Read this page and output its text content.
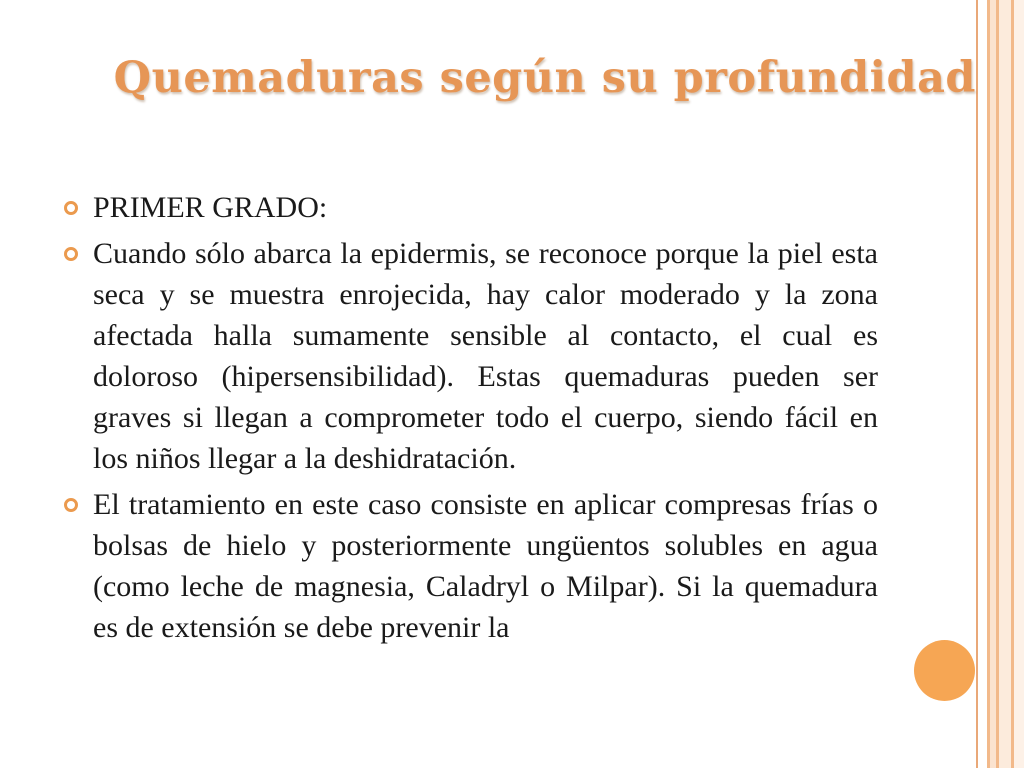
Quemaduras según su profundidad
PRIMER GRADO:
Cuando sólo abarca la epidermis, se reconoce porque la piel esta seca y se muestra enrojecida, hay calor moderado y la zona afectada halla sumamente sensible al contacto, el cual es doloroso (hipersensibilidad). Estas quemaduras pueden ser graves si llegan a comprometer todo el cuerpo, siendo fácil en los niños llegar a la deshidratación.
El tratamiento en este caso consiste en aplicar compresas frías o bolsas de hielo y posteriormente ungüentos solubles en agua (como leche de magnesia, Caladryl o Milpar). Si la quemadura es de extensión se debe prevenir la
